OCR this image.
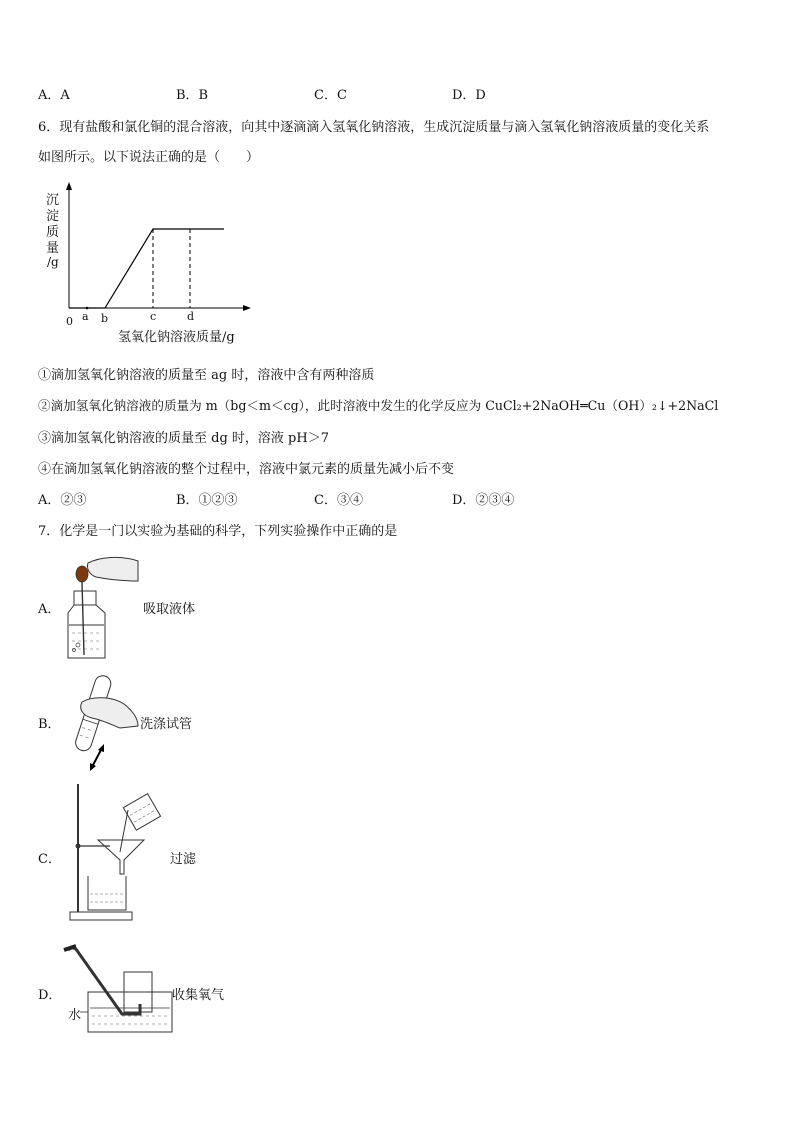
A．A	B．B	C．C	D．D
6．现有盐酸和氯化铜的混合溶液，向其中逐滴滴入氢氧化钠溶液，生成沉淀质量与滴入氢氧化钠溶液质量的变化关系
如图所示。以下说法正确的是（　　）
沉
淀
质
量
/g
0 a b	c	d
氢氧化钠溶液质量/g
①滴加氢氧化钠溶液的质量至 ag 时，溶液中含有两种溶质
②滴加氢氧化钠溶液的质量为 m（bg＜m＜cg），此时溶液中发生的化学反应为 CuCl₂+2NaOH═Cu（OH）₂↓+2NaCl
③滴加氢氧化钠溶液的质量至 dg 时，溶液 pH＞7
④在滴加氢氧化钠溶液的整个过程中，溶液中氯元素的质量先减小后不变
A．②③	B．①②③	C．③④	D．②③④
7．化学是一门以实验为基础的科学，下列实验操作中正确的是
A．	吸取液体
B．	洗涤试管
C．	过滤
D．
水
收集氧气
